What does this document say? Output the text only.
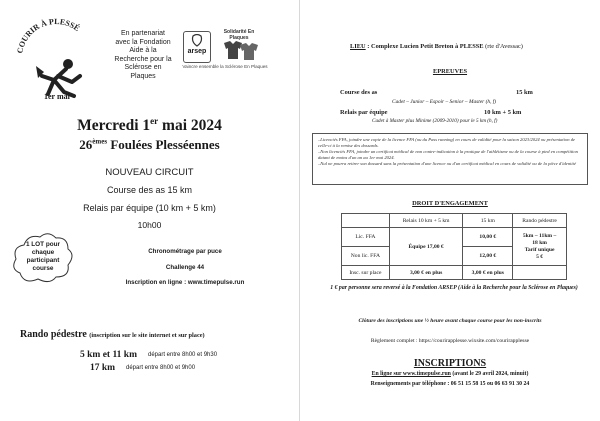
COURIR À PLESSÉ
1er mai
En partenariat
avec la Fondation
Aide à la
Recherche pour la
Sclérose en
Plaques
arsep
Solidarité En Plaques
Vaincre ensemble la Sclérose En Plaques
Mercredi 1er mai 2024
26èmes Foulées Plesséennes
NOUVEAU CIRCUIT
Course des as 15 km
Relais par équipe (10 km + 5 km)
10h00
1 LOT pour
chaque
participant
course
Chronométrage par puce
Challenge 44
Inscription en ligne : www.timepulse.run
Rando pédestre (inscription sur le site internet et sur place)
5 km et 11 km départ entre 8h00 et 9h30
17 km départ entre 8h00 et 9h00
LIEU : Complexe Lucien Petit Breton à PLESSE (rte d'Avessac)
EPREUVES
Course des as	15 km
Cadet – Junior – Espoir – Senior – Master (h, f)
Relais par équipe	10 km + 5 km
Cadet à Master plus Minime (2009-2010) pour le 5 km (h, f)
–Licenciés FFA, joindre une copie de la licence FFA (ou du Pass running) en cours de validité pour la saison 2023/2024 ou présentation de celle-ci à la remise des dossards.
–Non licenciés FFA, joindre un certificat médical de non contre-indication à la pratique de l'athlétisme ou de la course à pied en compétition datant de moins d'un an au 1er mai 2024.
–Nul ne pourra retirer son dossard sans la présentation d'une licence ou d'un certificat médical en cours de validité ou de la pièce d'identité
DROIT D'ENGAGEMENT
	Relais 10 km + 5 km	15 km	Rando pédestre
Lic. FFA	Équipe 17,00 €	10,00 €	5km – 11km –
18 km
Tarif unique
5 €

Non lic. FFA		12,00 €	
Insc. sur place	3,00 € en plus	3,00 € en plus	
1 € par personne sera reversé à la Fondation ARSEP (Aide à la Recherche pour la Sclérose en Plaques)
Clôture des inscriptions une ½ heure avant chaque course pour les non-inscrits
Règlement complet : https://courirapplesse.wixsite.com/courirapplesse
INSCRIPTIONS
En ligne sur www.timepulse.run (avant le 29 avril 2024, minuit)
Renseignements par téléphone : 06 51 15 58 15 ou 06 63 91 30 24
